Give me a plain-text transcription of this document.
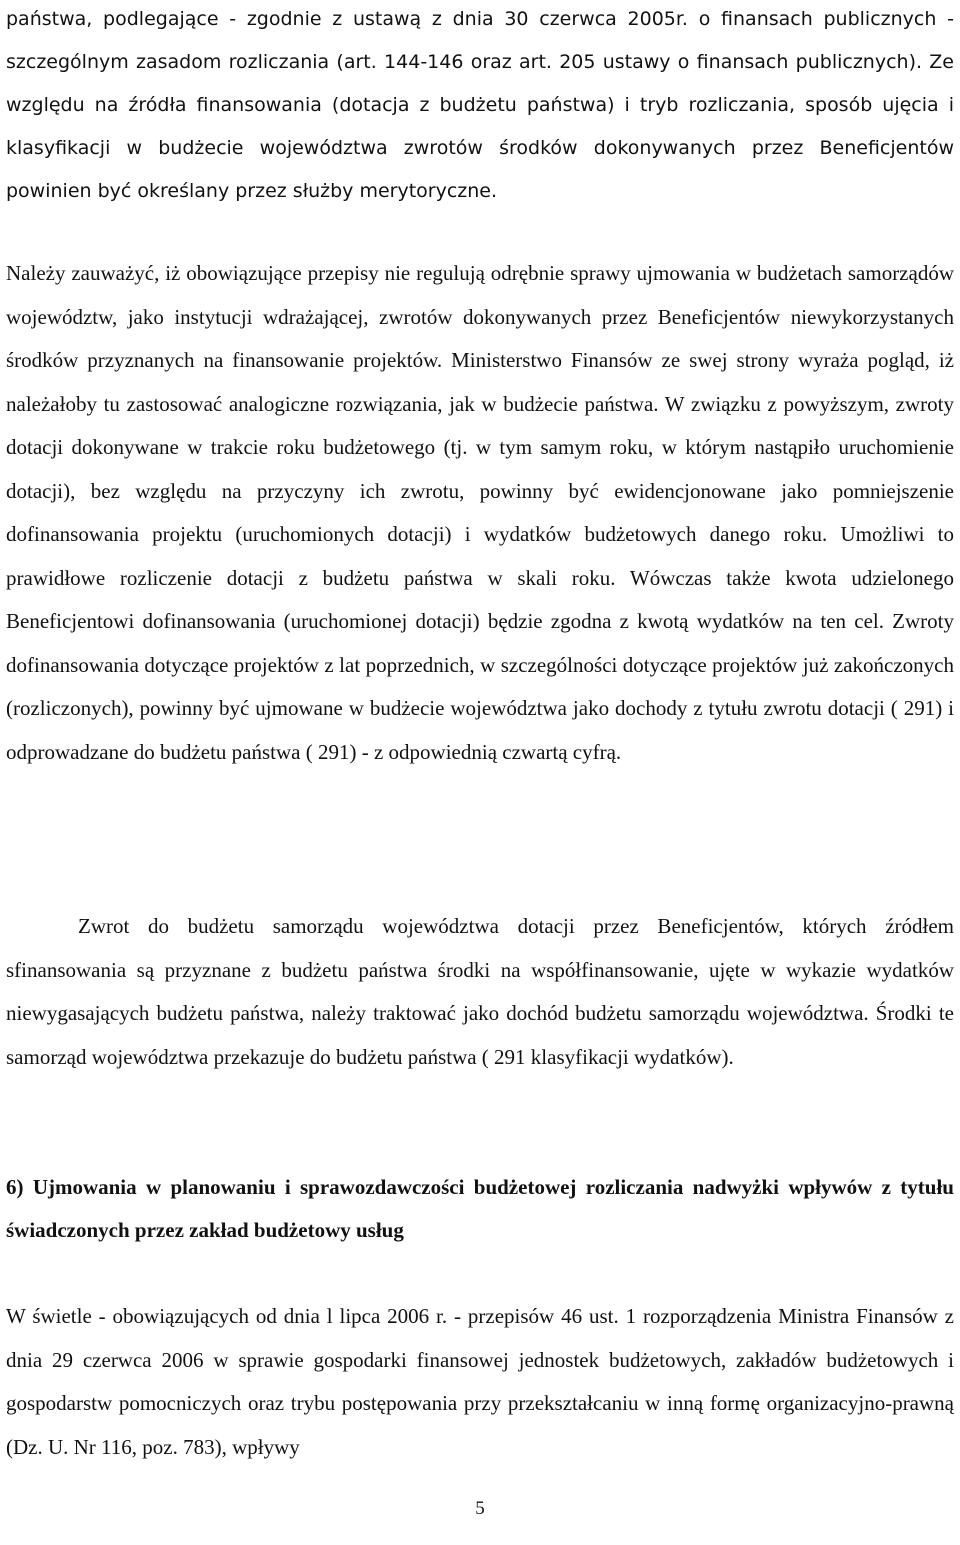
państwa, podlegające - zgodnie z ustawą z dnia 30 czerwca 2005r. o finansach publicznych - szczególnym zasadom rozliczania (art. 144-146 oraz art. 205 ustawy o finansach publicznych). Ze względu na źródła finansowania (dotacja z budżetu państwa) i tryb rozliczania, sposób ujęcia i klasyfikacji w budżecie województwa zwrotów środków dokonywanych przez Beneficjentów powinien być określany przez służby merytoryczne.

Należy zauważyć, iż obowiązujące przepisy nie regulują odrębnie sprawy ujmowania w budżetach samorządów województw, jako instytucji wdrażającej, zwrotów dokonywanych przez Beneficjentów niewykorzystanych środków przyznanych na finansowanie projektów. Ministerstwo Finansów ze swej strony wyraża pogląd, iż należałoby tu zastosować analogiczne rozwiązania, jak w budżecie państwa. W związku z powyższym, zwroty dotacji dokonywane w trakcie roku budżetowego (tj. w tym samym roku, w którym nastąpiło uruchomienie dotacji), bez względu na przyczyny ich zwrotu, powinny być ewidencjonowane jako pomniejszenie dofinansowania projektu (uruchomionych dotacji) i wydatków budżetowych danego roku. Umożliwi to prawidłowe rozliczenie dotacji z budżetu państwa w skali roku. Wówczas także kwota udzielonego Beneficjentowi dofinansowania (uruchomionej dotacji) będzie zgodna z kwotą wydatków na ten cel. Zwroty dofinansowania dotyczące projektów z lat poprzednich, w szczególności dotyczące projektów już zakończonych (rozliczonych), powinny być ujmowane w budżecie województwa jako dochody z tytułu zwrotu dotacji ( 291) i odprowadzane do budżetu państwa ( 291) - z odpowiednią czwartą cyfrą.

Zwrot do budżetu samorządu województwa dotacji przez Beneficjentów, których źródłem sfinansowania są przyznane z budżetu państwa środki na współfinansowanie, ujęte w wykazie wydatków niewygasających budżetu państwa, należy traktować jako dochód budżetu samorządu województwa. Środki te samorząd województwa przekazuje do budżetu państwa ( 291 klasyfikacji wydatków).

6) Ujmowania w planowaniu i sprawozdawczości budżetowej rozliczania nadwyżki wpływów z tytułu świadczonych przez zakład budżetowy usług

W świetle - obowiązujących od dnia l lipca 2006 r. - przepisów 46 ust. 1 rozporządzenia Ministra Finansów z dnia 29 czerwca 2006 w sprawie gospodarki finansowej jednostek budżetowych, zakładów budżetowych i gospodarstw pomocniczych oraz trybu postępowania przy przekształcaniu w inną formę organizacyjno-prawną (Dz. U. Nr 116, poz. 783), wpływy

5
